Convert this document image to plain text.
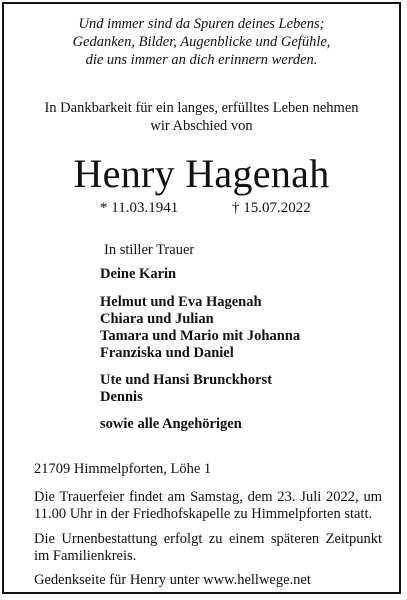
Und immer sind da Spuren deines Lebens;
Gedanken, Bilder, Augenblicke und Gefühle,
die uns immer an dich erinnern werden.
In Dankbarkeit für ein langes, erfülltes Leben nehmen
wir Abschied von
Henry Hagenah
* 11.03.1941	† 15.07.2022
In stiller Trauer
Deine Karin
Helmut und Eva Hagenah
Chiara und Julian
Tamara und Mario mit Johanna
Franziska und Daniel
Ute und Hansi Brunckhorst
Dennis
sowie alle Angehörigen
21709 Himmelpforten, Löhe 1
Die Trauerfeier findet am Samstag, dem 23. Juli 2022, um 11.00 Uhr in der Friedhofskapelle zu Himmelpforten statt.
Die Urnenbestattung erfolgt zu einem späteren Zeitpunkt im Familienkreis.
Gedenkseite für Henry unter www.hellwege.net
